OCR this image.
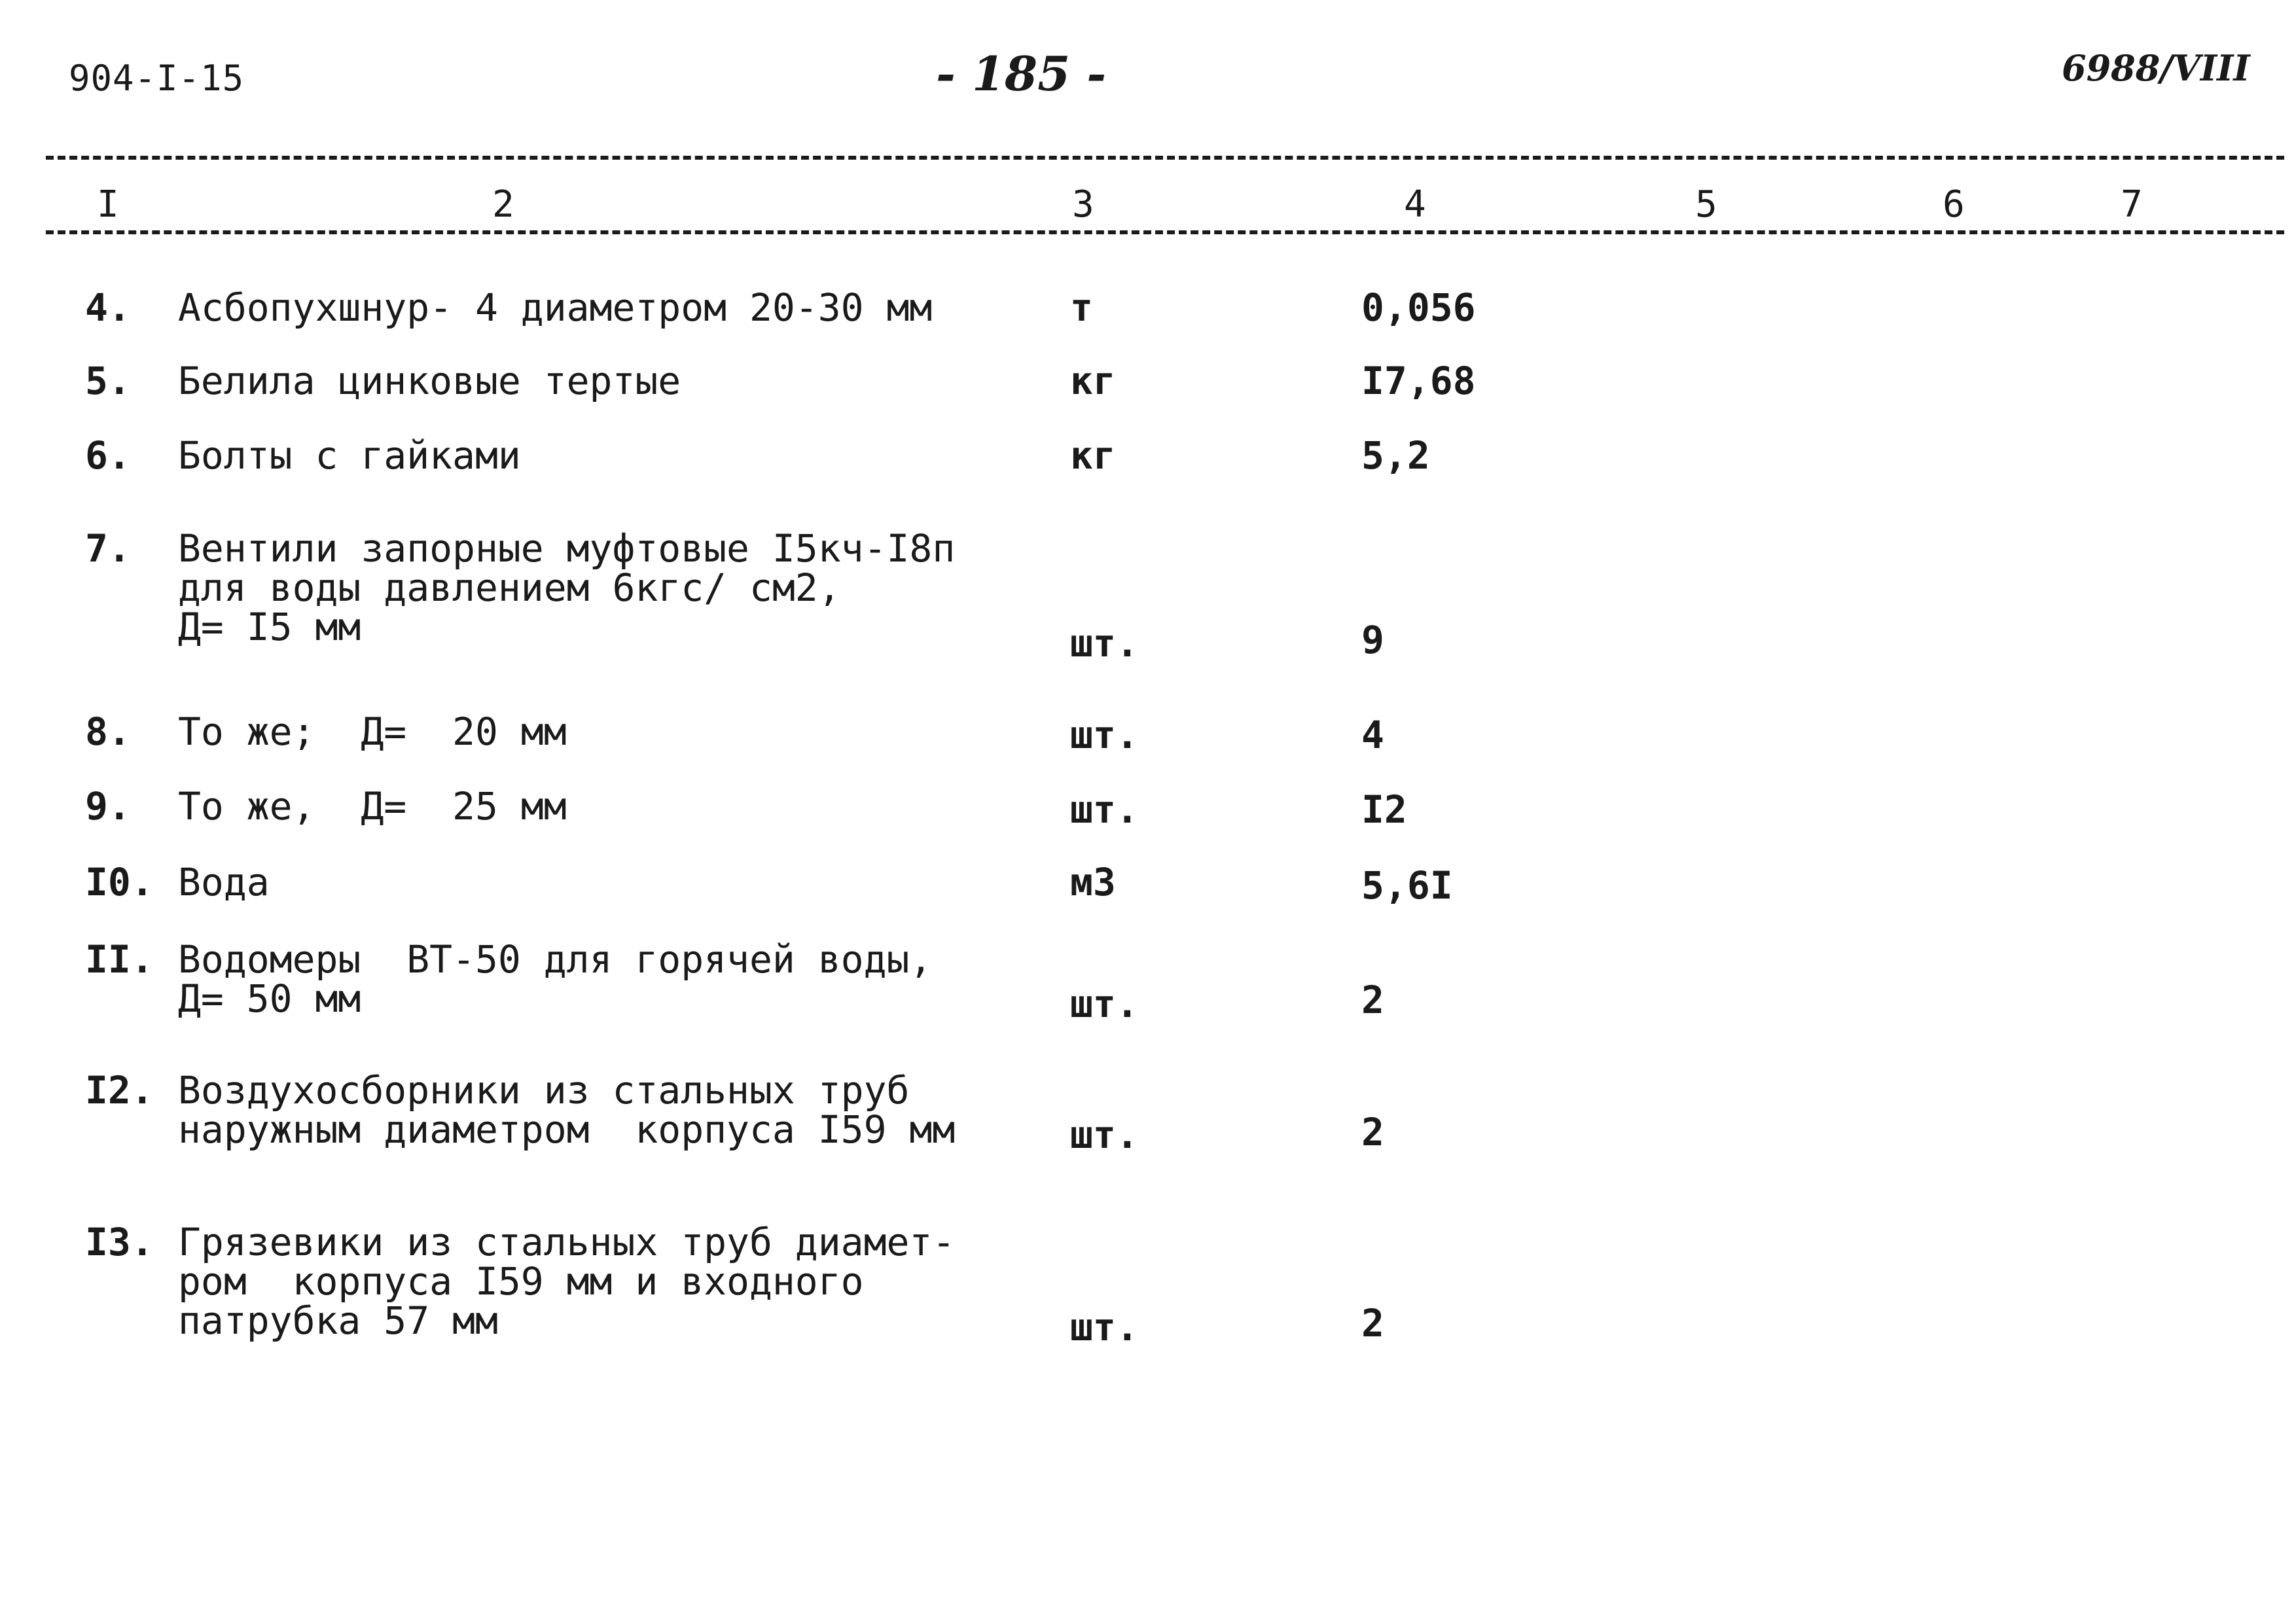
904-I-15	- 185 -	6988/VIII
I	2	3	4	5	6	7
4. Асбопухшнур- 4 диаметром 20-30 мм	т	0,056
5. Белила цинковые тертые	кг	I7,68
6. Болты с гайками	кг	5,2
7. Вентили запорные муфтовые I5кч-I8п
для воды давлением 6кгс/ см2,
Д= I5 мм	шт.	9
8. То же;  Д=  20 мм	шт.	4
9. То же,  Д=  25 мм	шт.	I2
I0. Вода	м3	5,6I
II. Водомеры  ВТ-50 для горячей воды,
Д= 50 мм	шт.	2
I2. Воздухосборники из стальных труб
наружным диаметром  корпуса I59 мм	шт.	2
I3. Грязевики из стальных труб диамет-
ром  корпуса I59 мм и входного
патрубка 57 мм	шт.	2
